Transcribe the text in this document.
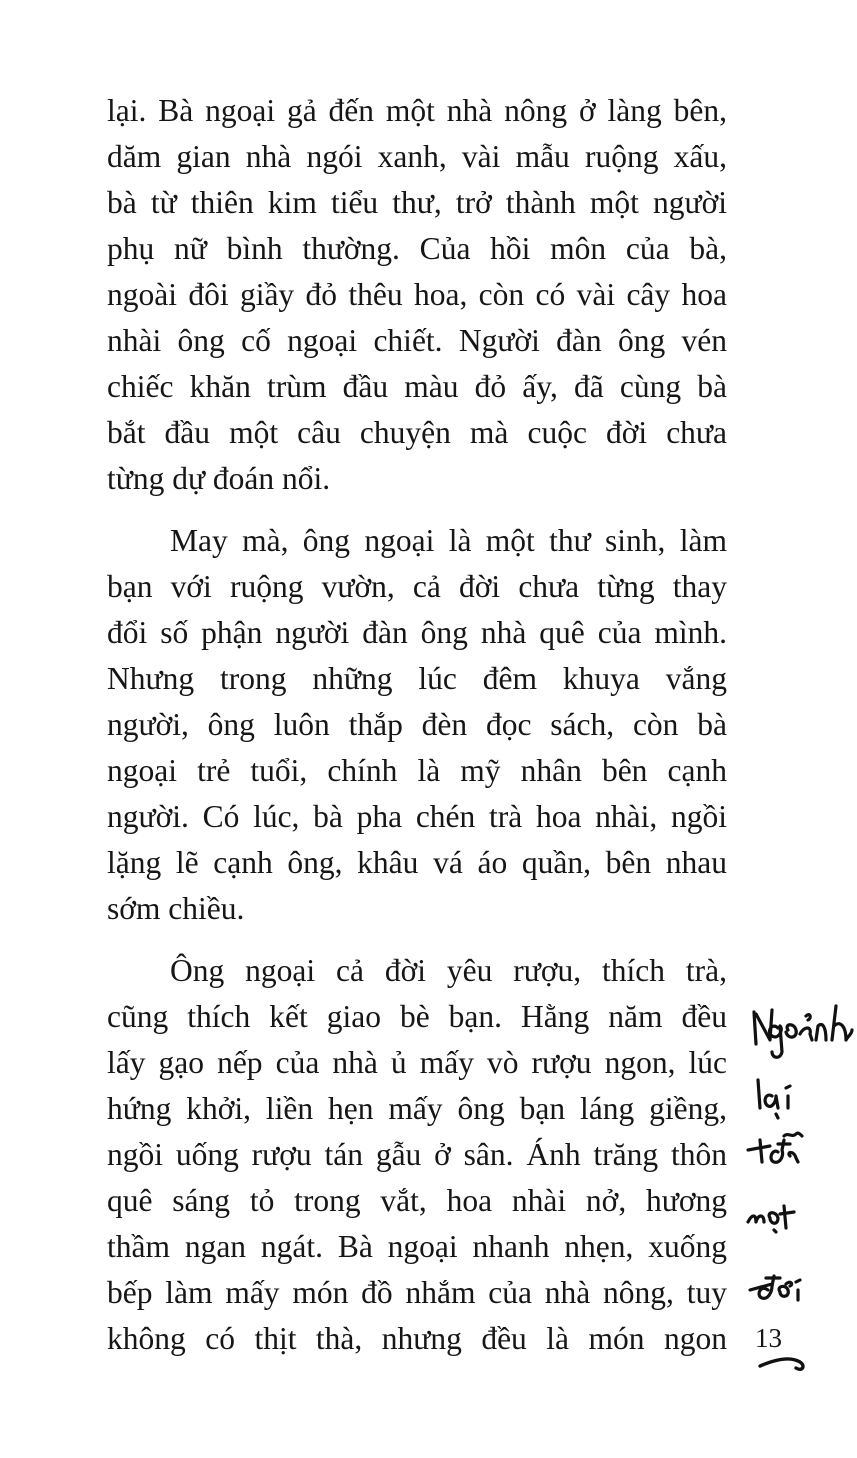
lại. Bà ngoại gả đến một nhà nông ở làng bên,
dăm gian nhà ngói xanh, vài mẫu ruộng xấu,
bà từ thiên kim tiểu thư, trở thành một người
phụ nữ bình thường. Của hồi môn của bà,
ngoài đôi giầy đỏ thêu hoa, còn có vài cây hoa
nhài ông cố ngoại chiết. Người đàn ông vén
chiếc khăn trùm đầu màu đỏ ấy, đã cùng bà
bắt đầu một câu chuyện mà cuộc đời chưa
từng dự đoán nổi.
May mà, ông ngoại là một thư sinh, làm
bạn với ruộng vườn, cả đời chưa từng thay
đổi số phận người đàn ông nhà quê của mình.
Nhưng trong những lúc đêm khuya vắng
người, ông luôn thắp đèn đọc sách, còn bà
ngoại trẻ tuổi, chính là mỹ nhân bên cạnh
người. Có lúc, bà pha chén trà hoa nhài, ngồi
lặng lẽ cạnh ông, khâu vá áo quần, bên nhau
sớm chiều.
Ông ngoại cả đời yêu rượu, thích trà,
cũng thích kết giao bè bạn. Hằng năm đều
lấy gạo nếp của nhà ủ mấy vò rượu ngon, lúc
hứng khởi, liền hẹn mấy ông bạn láng giềng,
ngồi uống rượu tán gẫu ở sân. Ánh trăng thôn
quê sáng tỏ trong vắt, hoa nhài nở, hương
thầm ngan ngát. Bà ngoại nhanh nhẹn, xuống
bếp làm mấy món đồ nhắm của nhà nông, tuy
không có thịt thà, nhưng đều là món ngon 13
